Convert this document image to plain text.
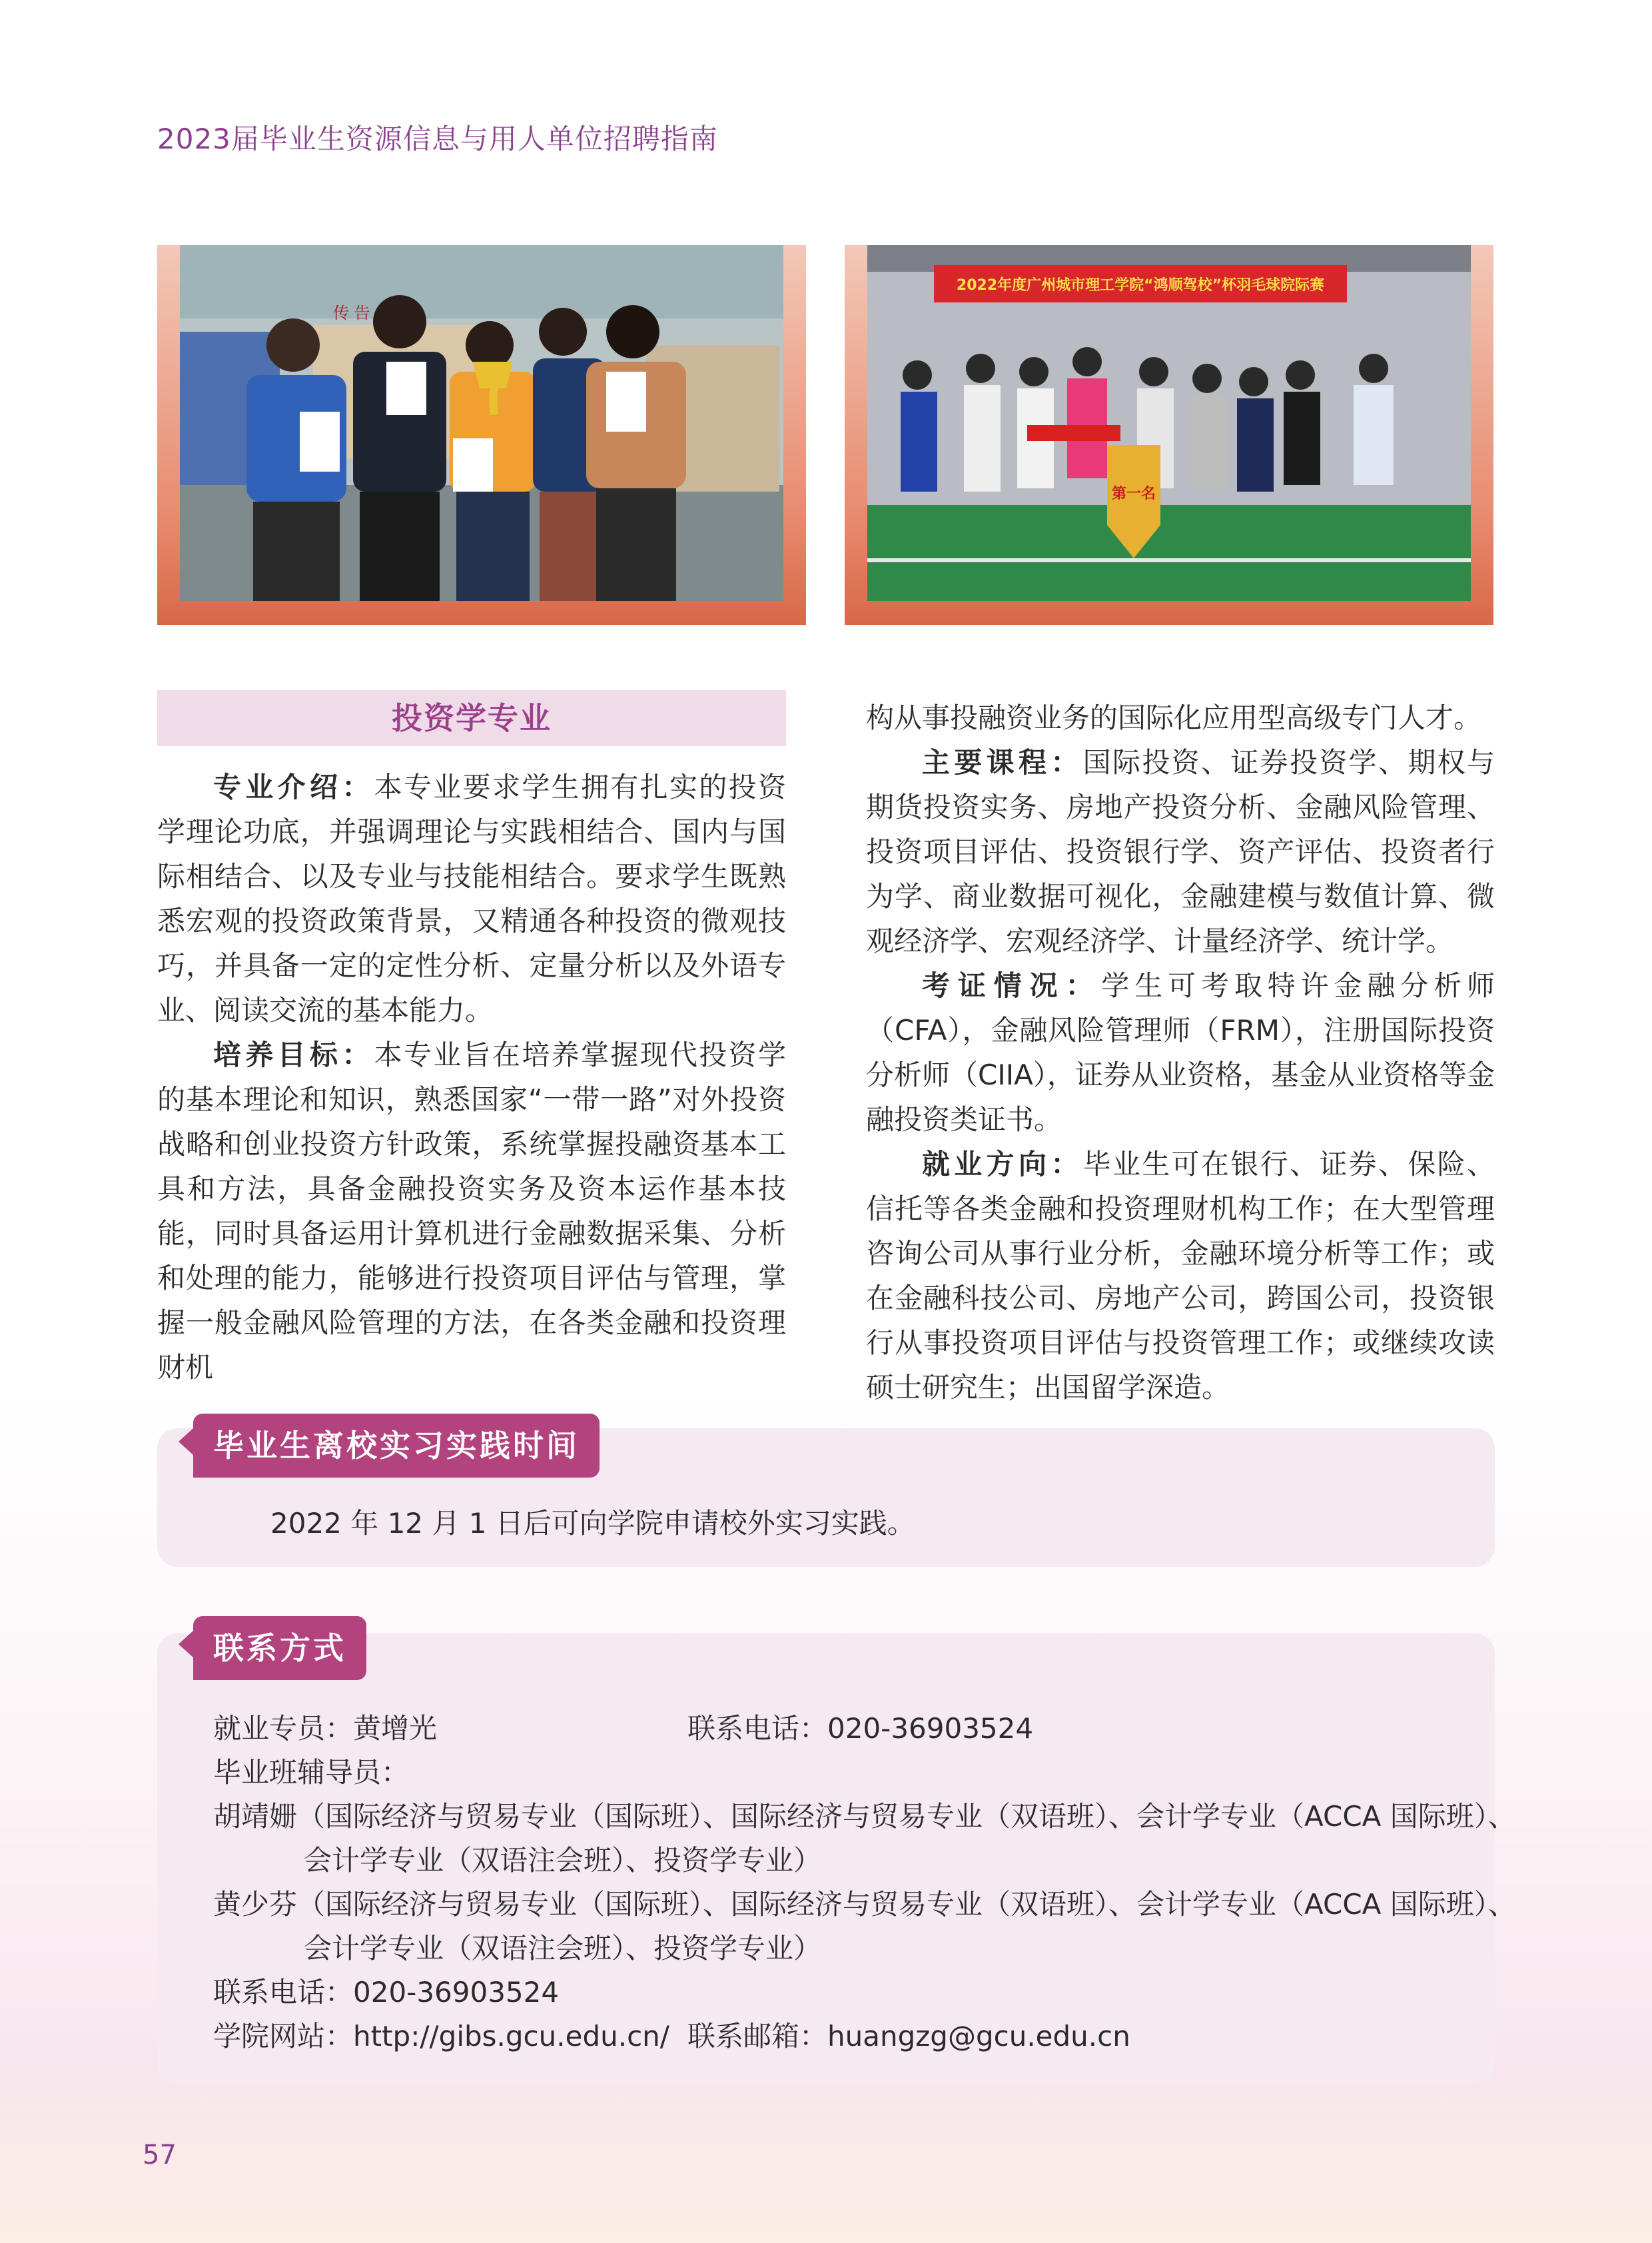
2023届毕业生资源信息与用人单位招聘指南
传 告
2022年度广州城市理工学院“鸿顺驾校”杯羽毛球院际赛
第一名
投资学专业

专业介绍：本专业要求学生拥有扎实的投资学理论功底，并强调理论与实践相结合、国内与国际相结合、以及专业与技能相结合。要求学生既熟悉宏观的投资政策背景，又精通各种投资的微观技巧，并具备一定的定性分析、定量分析以及外语专业、阅读交流的基本能力。

培养目标：本专业旨在培养掌握现代投资学的基本理论和知识，熟悉国家“一带一路”对外投资战略和创业投资方针政策，系统掌握投融资基本工具和方法，具备金融投资实务及资本运作基本技能，同时具备运用计算机进行金融数据采集、分析和处理的能力，能够进行投资项目评估与管理，掌握一般金融风险管理的方法，在各类金融和投资理财机

构从事投融资业务的国际化应用型高级专门人才。

主要课程：国际投资、证券投资学、期权与期货投资实务、房地产投资分析、金融风险管理、投资项目评估、投资银行学、资产评估、投资者行为学、商业数据可视化，金融建模与数值计算、微观经济学、宏观经济学、计量经济学、统计学。

考证情况：学生可考取特许金融分析师（CFA），金融风险管理师（FRM），注册国际投资分析师（CIIA），证券从业资格，基金从业资格等金融投资类证书。

就业方向：毕业生可在银行、证券、保险、信托等各类金融和投资理财机构工作；在大型管理咨询公司从事行业分析，金融环境分析等工作；或在金融科技公司、房地产公司，跨国公司，投资银行从事投资项目评估与投资管理工作；或继续攻读硕士研究生；出国留学深造。

毕业生离校实习实践时间
2022 年 12 月 1 日后可向学院申请校外实习实践。
联系方式
就业专员：黄增光	联系电话：020-36903524
毕业班辅导员：
胡靖姗（国际经济与贸易专业（国际班）、国际经济与贸易专业（双语班）、会计学专业（ACCA 国际班）、
会计学专业（双语注会班）、投资学专业）
黄少芬（国际经济与贸易专业（国际班）、国际经济与贸易专业（双语班）、会计学专业（ACCA 国际班）、
会计学专业（双语注会班）、投资学专业）
联系电话：020-36903524
学院网站：http://gibs.gcu.edu.cn/ 联系邮箱：huangzg@gcu.edu.cn
57
